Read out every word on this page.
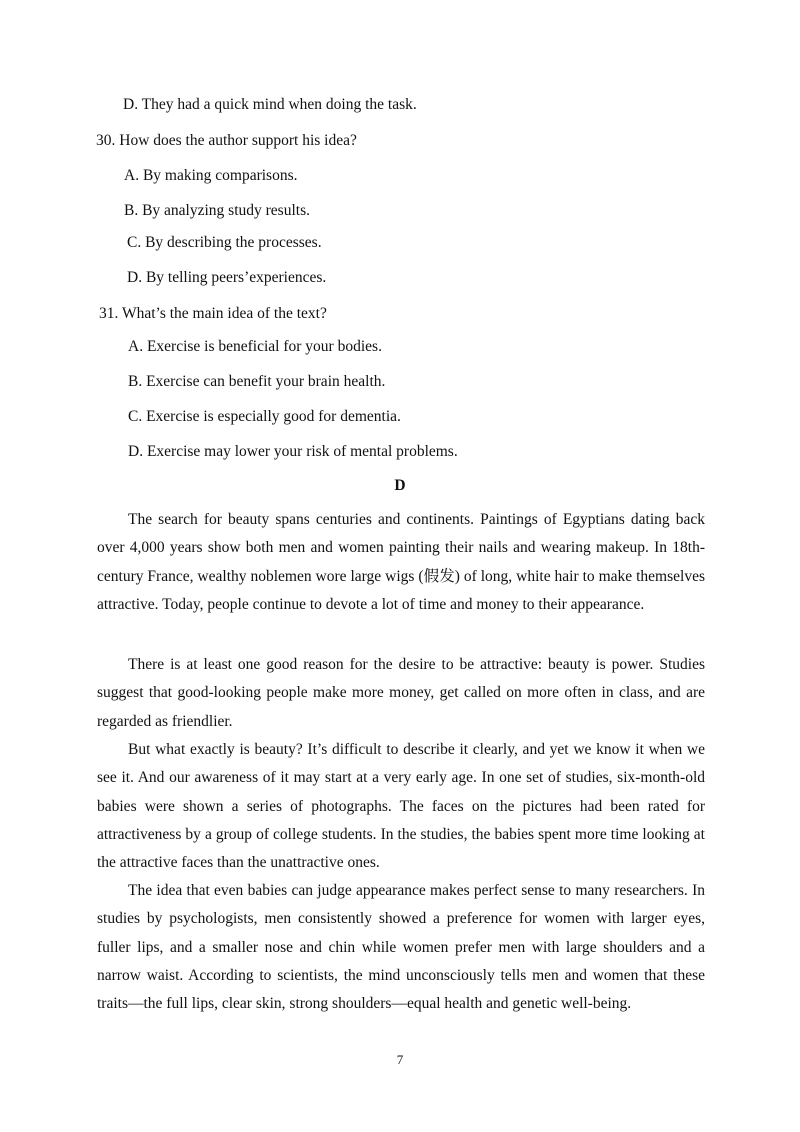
D. They had a quick mind when doing the task.
30. How does the author support his idea?
A. By making comparisons.
B. By analyzing study results.
C. By describing the processes.
D. By telling peers’experiences.
31. What’s the main idea of the text?
A. Exercise is beneficial for your bodies.
B. Exercise can benefit your brain health.
C. Exercise is especially good for dementia.
D. Exercise may lower your risk of mental problems.
D
The search for beauty spans centuries and continents. Paintings of Egyptians dating back over 4,000 years show both men and women painting their nails and wearing makeup. In 18th-century France, wealthy noblemen wore large wigs (假发) of long, white hair to make themselves attractive. Today, people continue to devote a lot of time and money to their appearance.
There is at least one good reason for the desire to be attractive: beauty is power. Studies suggest that good-looking people make more money, get called on more often in class, and are regarded as friendlier.
But what exactly is beauty? It’s difficult to describe it clearly, and yet we know it when we see it. And our awareness of it may start at a very early age. In one set of studies, six-month-old babies were shown a series of photographs. The faces on the pictures had been rated for attractiveness by a group of college students. In the studies, the babies spent more time looking at the attractive faces than the unattractive ones.
The idea that even babies can judge appearance makes perfect sense to many researchers. In studies by psychologists, men consistently showed a preference for women with larger eyes, fuller lips, and a smaller nose and chin while women prefer men with large shoulders and a narrow waist. According to scientists, the mind unconsciously tells men and women that these traits—the full lips, clear skin, strong shoulders—equal health and genetic well-being.
7
